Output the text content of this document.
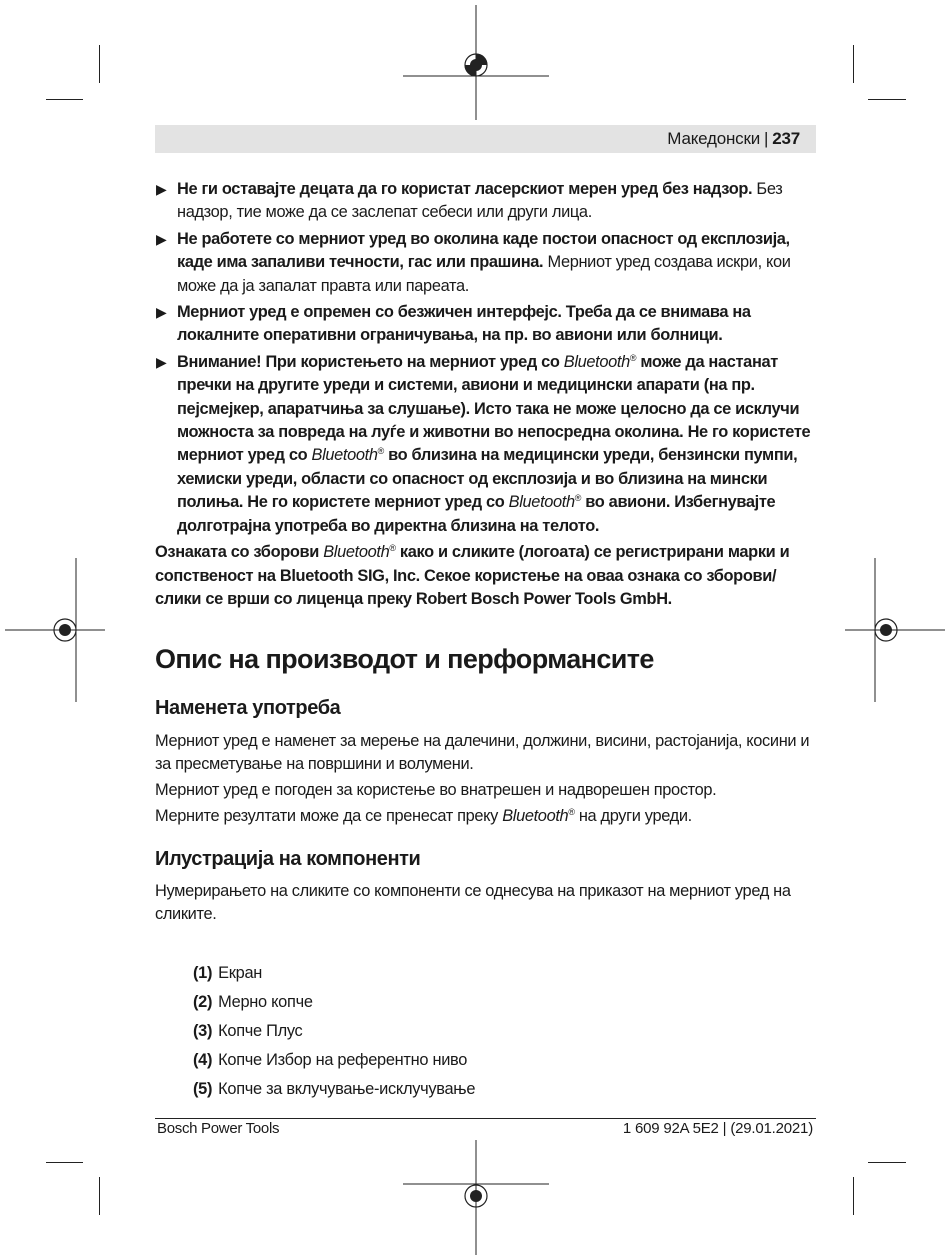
Македонски | 237
▶ Не ги оставајте децата да го користат ласерскиот мерен уред без надзор. Без надзор, тие може да се заслепат себеси или други лица.
▶ Не работете со мерниот уред во околина каде постои опасност од експлозија, каде има запаливи течности, гас или прашина. Мерниот уред создава искри, кои може да ја запалат правта или пареата.
▶ Мерниот уред е опремен со безжичен интерфејс. Треба да се внимава на локалните оперативни ограничувања, на пр. во авиони или болници.
▶ Внимание! При користењето на мерниот уред со Bluetooth® може да настанат пречки на другите уреди и системи, авиони и медицински апарати (на пр. пејсмејкер, апаратчиња за слушање). Исто така не може целосно да се исклучи можноста за повреда на луѓе и животни во непосредна околина. Не го користете мерниот уред со Bluetooth® во близина на медицински уреди, бензински пумпи, хемиски уреди, области со опасност од експлозија и во близина на мински полиња. Не го користете мерниот уред со Bluetooth® во авиони. Избегнувајте долготрајна употреба во директна близина на телото.
Ознаката со зборови Bluetooth® како и сликите (логоата) се регистрирани марки и сопственост на Bluetooth SIG, Inc. Секое користење на оваа ознака со зборови/ слики се врши со лиценца преку Robert Bosch Power Tools GmbH.
Опис на производот и перформансите
Наменета употреба

Мерниот уред е наменет за мерење на далечини, должини, висини, растојанија, косини и за пресметување на површини и волумени.

Мерниот уред е погоден за користење во внатрешен и надворешен простор.

Мерните резултати може да се пренесат преку Bluetooth® на други уреди.

Илустрација на компоненти

Нумерирањето на сликите со компоненти се однесува на приказот на мерниот уред на сликите.

(1) Екран
(2) Мерно копче
(3) Копче Плус
(4) Копче Избор на референтно ниво
(5) Копче за вклучување-исклучување
Bosch Power Tools	1 609 92A 5E2 | (29.01.2021)
